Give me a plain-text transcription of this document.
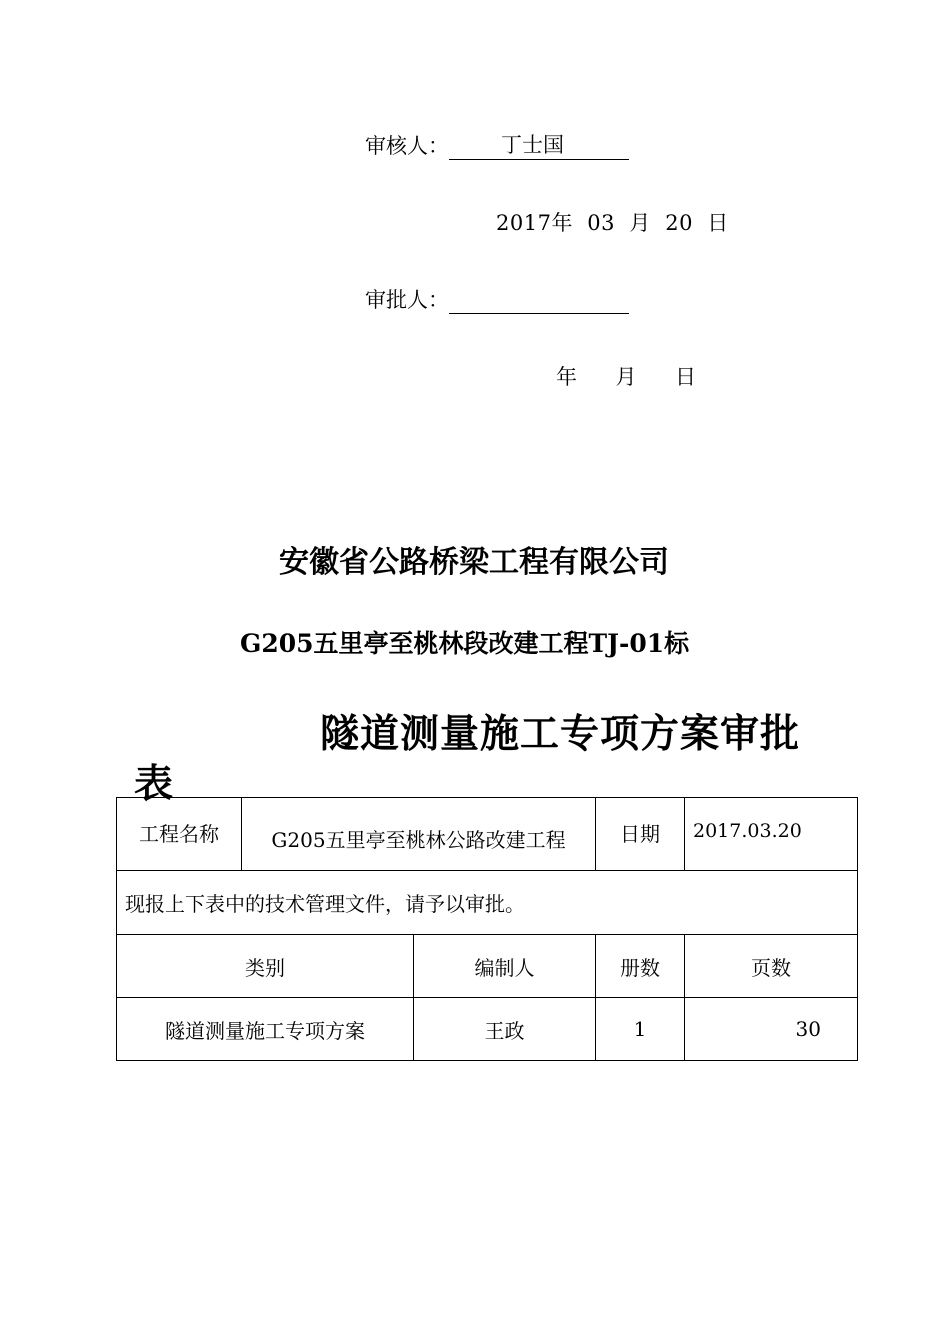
审核人： 丁士国
2017年  03  月  20  日
审批人：
年 月 日
安徽省公路桥梁工程有限公司
G205五里亭至桃林段改建工程TJ-01标
隧道测量施工专项方案审批
表
工程名称	G205五里亭至桃林公路改建工程		日期	2017.03.20
现报上下表中的技术管理文件，请予以审批。				
类别		编制人	册数	页数
隧道测量施工专项方案		王政	1	30
